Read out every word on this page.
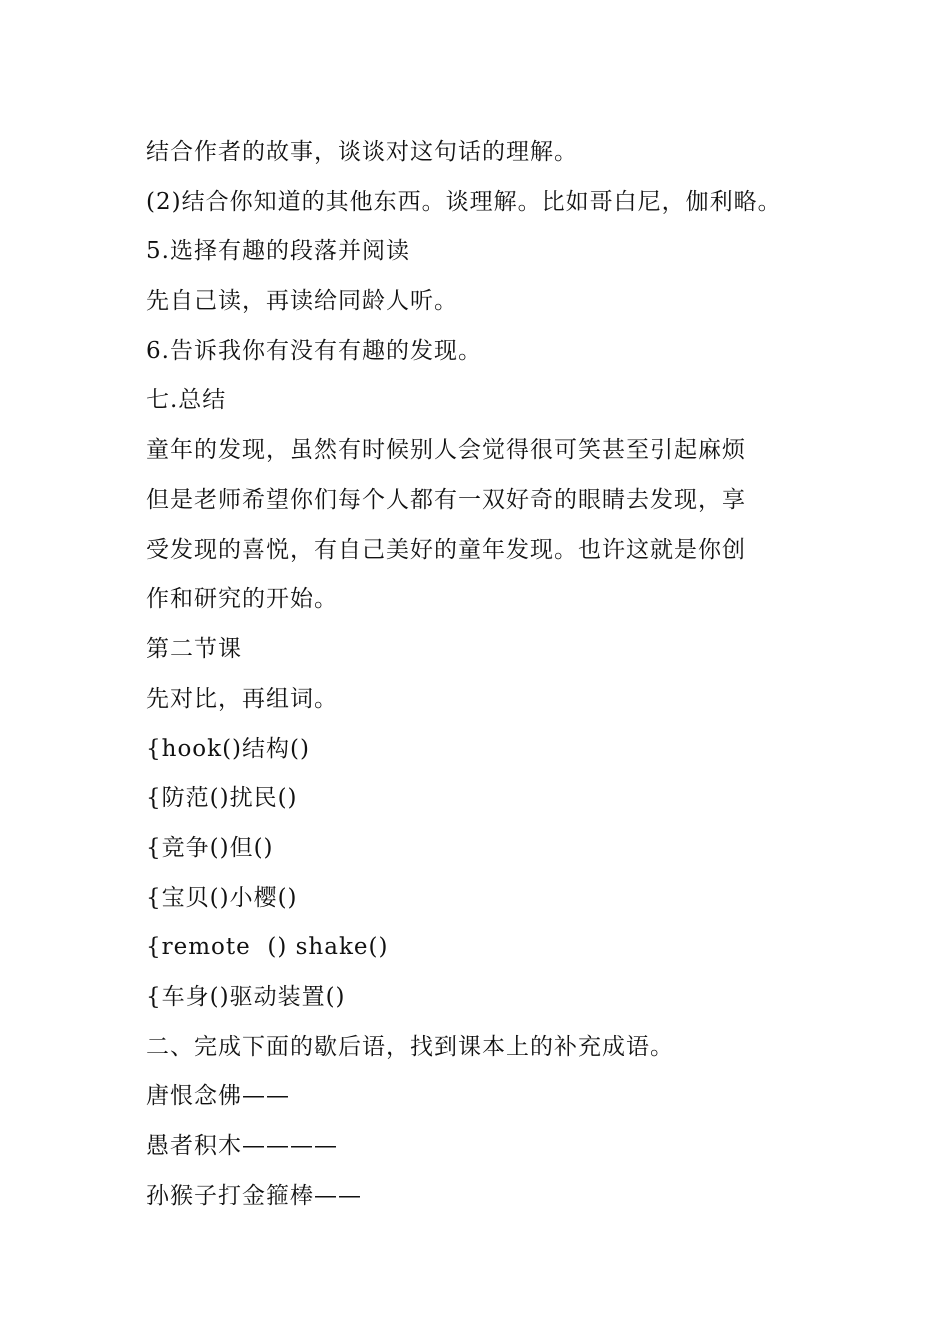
结合作者的故事，谈谈对这句话的理解。
(2)结合你知道的其他东西。谈理解。比如哥白尼，伽利略。
5.选择有趣的段落并阅读
先自己读，再读给同龄人听。
6.告诉我你有没有有趣的发现。
七.总结
童年的发现，虽然有时候别人会觉得很可笑甚至引起麻烦
但是老师希望你们每个人都有一双好奇的眼睛去发现，享
受发现的喜悦，有自己美好的童年发现。也许这就是你创
作和研究的开始。
第二节课
先对比，再组词。
{hook()结构()
{防范()扰民()
{竞争()但()
{宝贝()小樱()
{remote  () shake()
{车身()驱动装置()
二、完成下面的歇后语，找到课本上的补充成语。
唐恨念佛——
愚者积木————
孙猴子打金箍棒——
